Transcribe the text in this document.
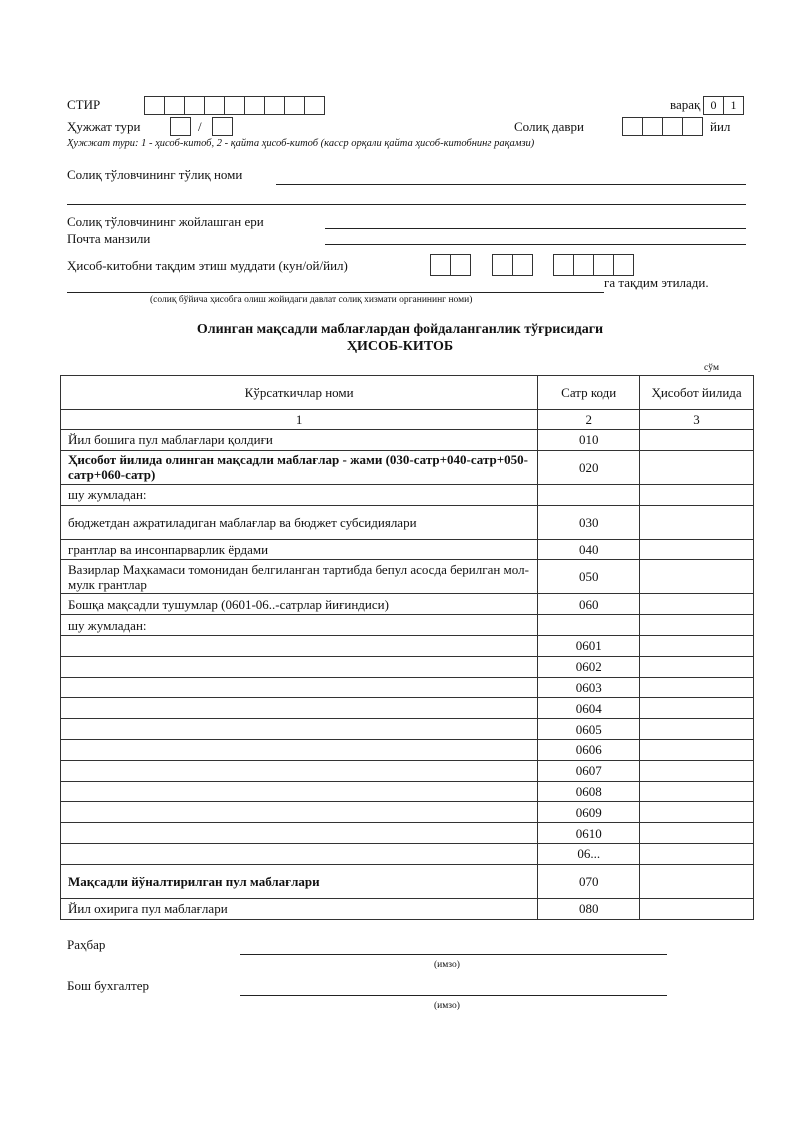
СТИР	варақ 0	1
Ҳужжат тури	/	Солиқ даври	йил
Ҳужжат тури: 1 - ҳисоб-китоб, 2 - қайта ҳисоб-китоб (касср орқали қайта ҳисоб-китобнинг рақамзи)
Солиқ тўловчининг тўлиқ номи
Солиқ тўловчининг жойлашган ери
Почта манзили
Ҳисоб-китобни тақдим этиш муддати (кун/ой/йил)
га тақдим этилади.
(солиқ бўйича ҳисобга олиш жойидаги давлат солиқ хизмати органининг номи)
Олинган мақсадли маблағлардан фойдаланганлик тўғрисидаги
ҲИСОБ-КИТОБ
сўм
Кўрсаткичлар номи	Сатр коди	Ҳисобот йилида
1	2	3
Йил бошига пул маблағлари қолдиғи	010	
Ҳисобот йилида олинган мақсадли маблағлар - жами (030-сатр+040-сатр+050-сатр+060-сатр)	020	
шу жумладан:		
бюджетдан ажратиладиган маблағлар ва бюджет субсидиялари	030	
грантлар ва инсонпарварлик ёрдами	040	
Вазирлар Маҳкамаси томонидан белгиланган тартибда бепул асосда берилган мол-мулк грантлар	050	
Бошқа мақсадли тушумлар (0601-06..-сатрлар йиғиндиси)	060	
шу жумладан:		
	0601	
	0602	
	0603	
	0604	
	0605	
	0606	
	0607	
	0608	
	0609	
	0610	
	06...	
Мақсадли йўналтирилган пул маблағлари	070	
Йил охирига пул маблағлари	080	
Раҳбар
(имзо)
Бош бухгалтер
(имзо)
